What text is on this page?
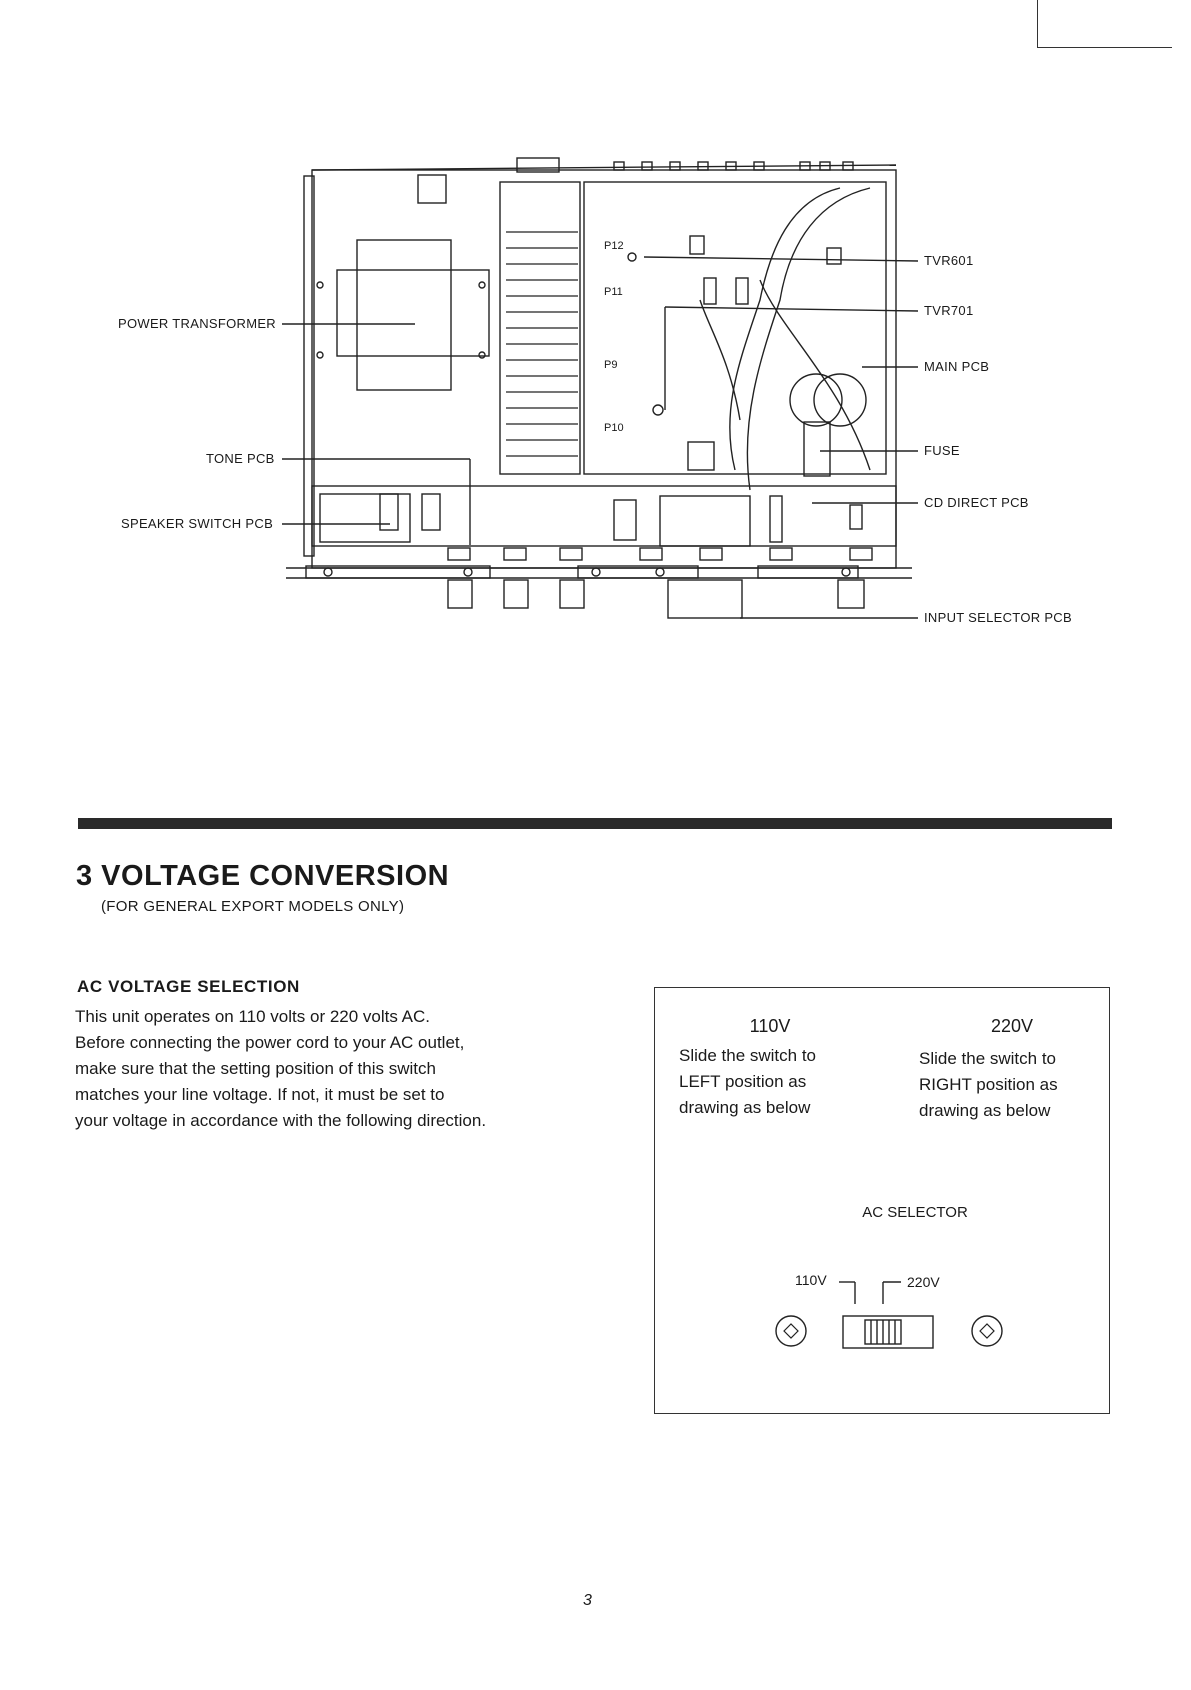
POWER TRANSFORMER
TONE PCB
SPEAKER SWITCH PCB
TVR601
TVR701
MAIN PCB
FUSE
CD DIRECT PCB
INPUT SELECTOR PCB
P12
P11
P9
P10
3 VOLTAGE CONVERSION
(FOR GENERAL EXPORT MODELS ONLY)
AC VOLTAGE SELECTION
This unit operates on 110 volts or 220 volts AC.
Before connecting the power cord to your AC outlet,
make sure that the setting position of this switch
matches your line voltage. If not, it must be set to
your voltage in accordance with the following direction.
110V
Slide the switch to
LEFT position as
drawing as below
220V
Slide the switch to
RIGHT position as
drawing as below
AC SELECTOR
110V	220V
3
